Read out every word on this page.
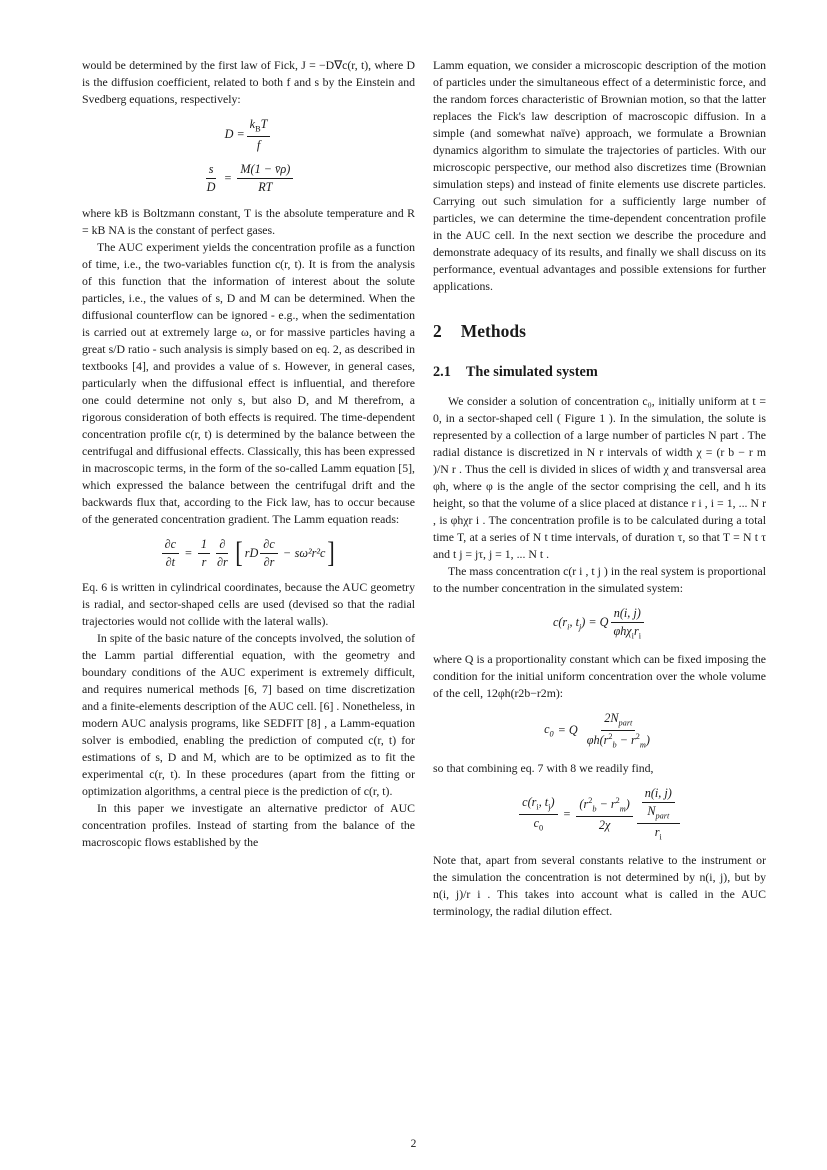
would be determined by the first law of Fick, J = −D∇c(r, t), where D is the diffusion coefficient, related to both f and s by the Einstein and Svedberg equations, respectively:

$D = \frac{k_BT}{f}$
$\frac{s}{D} = \frac{M(1 - v̄\rho)}{RT}$

where kB is Boltzmann constant, T is the absolute temperature and R = kB NA is the constant of perfect gases.

The AUC experiment yields the concentration profile as a function of time, i.e., the two-variables function c(r, t). It is from the analysis of this function that the information of interest about the solute particles, i.e., the values of s, D and M can be determined. When the diffusional counterflow can be ignored - e.g., when the sedimentation is carried out at extremely large ω, or for massive particles having a great s/D ratio - such analysis is simply based on eq. 2, as described in textbooks [4], and provides a value of s. However, in general cases, particularly when the diffusional effect is influential, and therefore one could determine not only s, but also D, and M therefrom, a rigorous consideration of both effects is required. The time-dependent concentration profile c(r, t) is determined by the balance between the centrifugal and diffusional effects. Classically, this has been expressed in macroscopic terms, in the form of the so-called Lamm equation [5], which expressed the balance between the centrifugal drift and the backwards flux that, according to the Fick law, has to occur because of the generated concentration gradient. The Lamm equation reads:

$\frac{\partial c}{\partial t} = \frac{1}{r} \frac{\partial}{\partial r}$ [ rD $\frac{\partial c}{\partial r} - s\omega^2r^2c$ ]

Eq. 6 is written in cylindrical coordinates, because the AUC geometry is radial, and sector-shaped cells are used (devised so that the radial trajectories would not collide with the lateral walls).

In spite of the basic nature of the concepts involved, the solution of the Lamm partial differential equation, with the geometry and boundary conditions of the AUC experiment is extremely difficult, and requires numerical methods [6, 7] based on time discretization and a finite-elements description of the AUC cell. [6] . Nonetheless, in modern AUC analysis programs, like SEDFIT [8] , a Lamm-equation solver is embodied, enabling the prediction of computed c(r, t) for estimations of s, D and M, which are to be optimized as to fit the experimental c(r, t). In these procedures (apart from the fitting or optimization algorithms, a central piece is the prediction of c(r, t).

In this paper we investigate an alternative predictor of AUC concentration profiles. Instead of starting from the balance of the macroscopic flows established by the

Lamm equation, we consider a microscopic description of the motion of particles under the simultaneous effect of a deterministic force, and the random forces characteristic of Brownian motion, so that the latter replaces the Fick's law description of macroscopic diffusion. In a simple (and somewhat naïve) approach, we formulate a Brownian dynamics algorithm to simulate the trajectories of particles. With our microscopic perspective, our method also discretizes time (Brownian simulation steps) and instead of finite elements use discrete particles. Carrying out such simulation for a sufficiently large number of particles, we can determine the time-dependent concentration profile in the AUC cell. In the next section we describe the procedure and demonstrate adequacy of its results, and finally we shall discuss on its performance, eventual advantages and possible extensions for further applications.

2 Methods
2.1 The simulated system

We consider a solution of concentration c₀, initially uniform at t = 0, in a sector-shaped cell ( Figure 1 ). In the simulation, the solute is represented by a collection of a large number of particles N part . The radial distance is discretized in N r intervals of width χ = (r b − r m )/N r . Thus the cell is divided in slices of width χ and transversal area φh, where φ is the angle of the sector comprising the cell, and h its height, so that the volume of a slice placed at distance r i , i = 1, ... N r , is φhχr i . The concentration profile is to be calculated during a total time T, at a series of N t time intervals, of duration τ, so that T = N t τ and t j = jτ, j = 1, ... N t .

The mass concentration c(r i , t j ) in the real system is proportional to the number concentration in the simulated system:

$c(r_i$, $t_j) = Q \frac{n(i, j)}{\varphi h\chi_ir_i}$

where Q is a proportionality constant which can be fixed imposing the condition for the initial uniform concentration over the whole volume of the cell, 12φh(r2b−r2m):

$c_0 = Q \frac{2N_{part}}{\varphi h(r^2_b - r^2_m)}$

so that combining eq. 7 with 8 we readily find,

$\frac{c(r_i, t_j)}{c_0} = \frac{(r^2_b - r^2_m)}{2\chi} \frac{\frac{n(i, j)}{N_{part}}}{r_i}$

Note that, apart from several constants relative to the instrument or the simulation the concentration is not determined by n(i, j), but by n(i, j)/r i . This takes into account what is called in the AUC terminology, the radial dilution effect.

2
